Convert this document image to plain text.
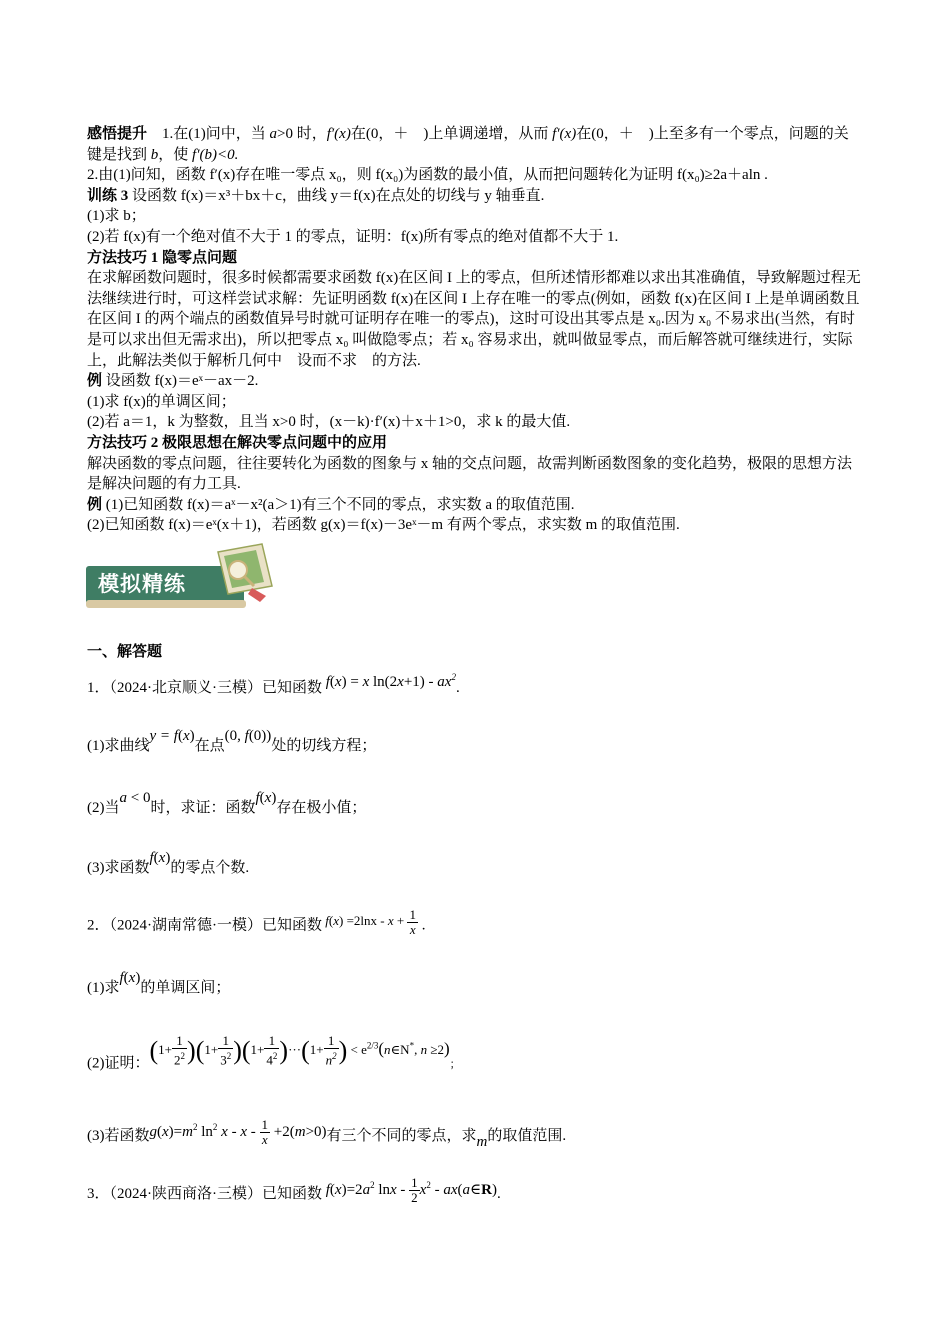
感悟提升 1.在(1)问中，当 a>0 时，f′(x)在(0，＋　)上单调递增，从而 f′(x)在(0，＋　)上至多有一个零点，问题的关键是找到 b，使 f′(b)<0.

2.由(1)问知，函数 f′(x)存在唯一零点 x₀，则 f(x₀)为函数的最小值，从而把问题转化为证明 f(x₀)≥2a＋aln .

训练 3 设函数 f(x)＝x³＋bx＋c，曲线 y＝f(x)在点处的切线与 y 轴垂直.

(1)求 b；

(2)若 f(x)有一个绝对值不大于 1 的零点，证明：f(x)所有零点的绝对值都不大于 1.

方法技巧 1 隐零点问题

在求解函数问题时，很多时候都需要求函数 f(x)在区间 I 上的零点，但所述情形都难以求出其准确值，导致解题过程无法继续进行时，可这样尝试求解：先证明函数 f(x)在区间 I 上存在唯一的零点(例如，函数 f(x)在区间 I 上是单调函数且在区间 I 的两个端点的函数值异号时就可证明存在唯一的零点)，这时可设出其零点是 x₀.因为 x₀ 不易求出(当然，有时是可以求出但无需求出)，所以把零点 x₀ 叫做隐零点；若 x₀ 容易求出，就叫做显零点，而后解答就可继续进行，实际上，此解法类似于解析几何中　设而不求　的方法.

例 设函数 f(x)＝eˣ－ax－2.

(1)求 f(x)的单调区间；

(2)若 a＝1，k 为整数，且当 x>0 时，(x－k)·f′(x)＋x＋1>0，求 k 的最大值.

方法技巧 2 极限思想在解决零点问题中的应用

解决函数的零点问题，往往要转化为函数的图象与 x 轴的交点问题，故需判断函数图象的变化趋势，极限的思想方法是解决问题的有力工具.

例 (1)已知函数 f(x)＝aˣ－x²(a＞1)有三个不同的零点，求实数 a 的取值范围.

(2)已知函数 f(x)＝eˣ(x＋1)，若函数 g(x)＝f(x)－3eˣ－m 有两个零点，求实数 m 的取值范围.

模拟精练
一、解答题
1．（2024·北京顺义·三模）已知函数 f(x) = x $\ln(2x+1) - ax^2$.
(1)求曲线y = f(x)在点(0, f(0))处的切线方程；
(2)当a < 0时，求证：函数f(x)存在极小值；
(3)求函数f(x)的零点个数.
2．（2024·湖南常德·一模）已知函数 $f(x) =2\ln x - x + \frac{1}{x}$ .
(1)求f(x)的单调区间；
(2)证明：$(1+ \frac{1}{2^2} )(1+ \frac{1}{3^2} )(1+ \frac{1}{4^2} )\cdot\cdot\cdot(1+ \frac{1}{n^2}$ ) < $e^{2/3}(n\in N^*$, n ≥2)；
(3)若函数$g(x)=m^2$ $\ln^2 x - x - \frac{1}{x} +2(m>0)$有三个不同的零点，求m的取值范围.
3．（2024·陕西商洛·三模）已知函数 $f(x)=2a^2$ lnx - $\frac{1}{2} x^2$ - ax(a∈R).
